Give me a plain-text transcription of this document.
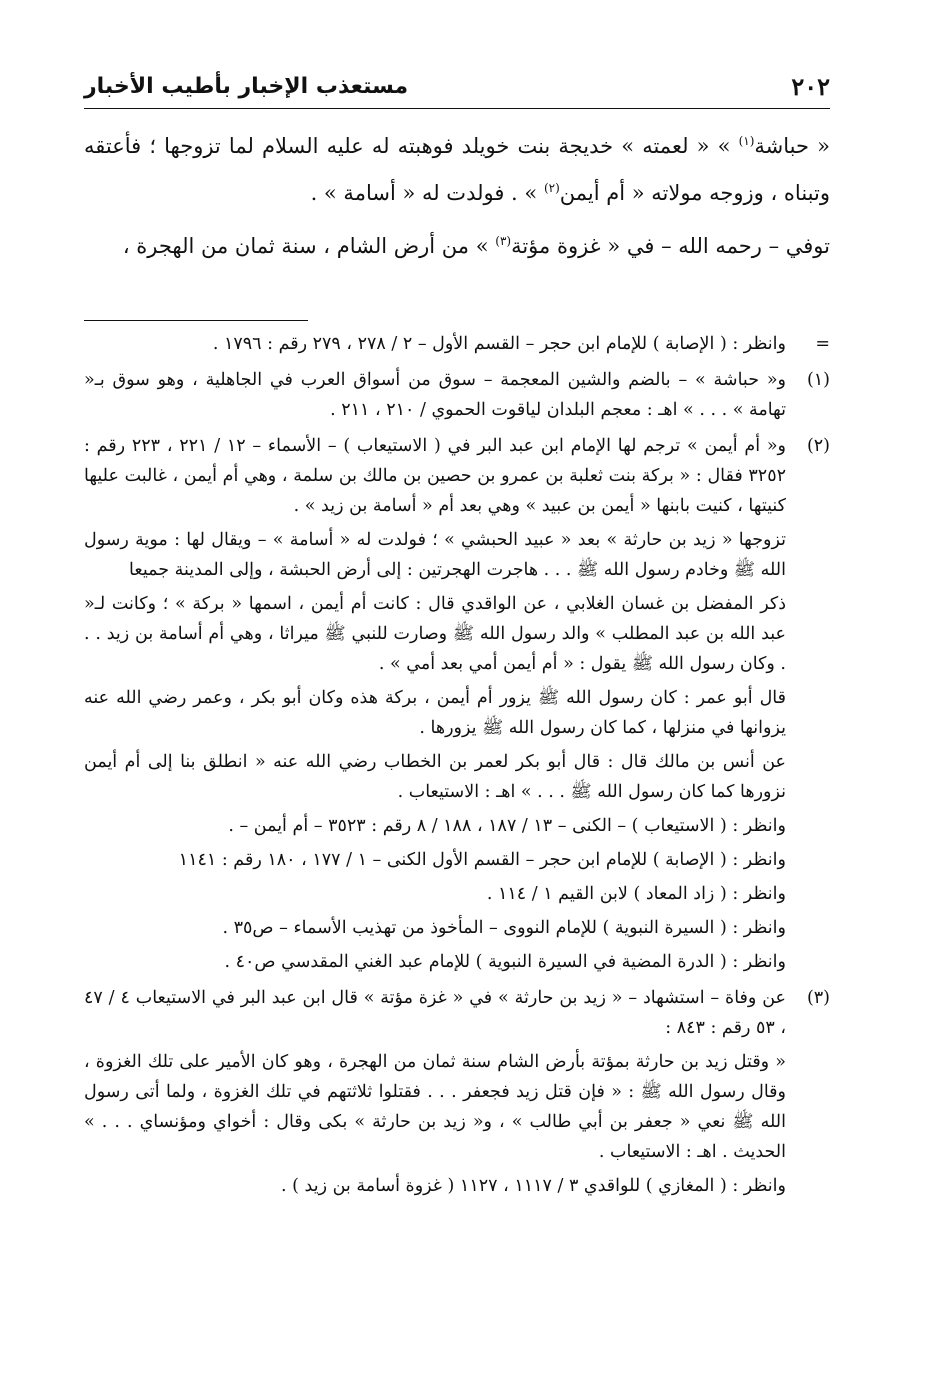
٢٠٢
مستعذب الإخبار بأطيب الأخبار

« حباشة$^{(١)}$ » « لعمته » خديجة بنت خويلد فوهبته له عليه السلام لما تزوجها ؛ فأعتقه وتبناه ، وزوجه مولاته « أم أيمن$^{(٢)}$ » . فولدت له « أسامة » .

توفي – رحمه الله – في « غزوة مؤتة$^{(٣)}$ » من أرض الشام ، سنة ثمان من الهجرة ،

=

وانظر : ( الإصابة ) للإمام ابن حجر – القسم الأول – ٢ / ٢٧٨ ، ٢٧٩ رقم : ١٧٩٦ .

(١)

و« حباشة » – بالضم والشين المعجمة – سوق من أسواق العرب في الجاهلية ، وهو سوق بـ« تهامة » . . . » اهـ : معجم البلدان لياقوت الحموي / ٢١٠ ، ٢١١ .

(٢)

و« أم أيمن » ترجم لها الإمام ابن عبد البر في ( الاستيعاب ) – الأسماء – ١٢ / ٢٢١ ، ٢٢٣ رقم : ٣٢٥٢ فقال : « بركة بنت ثعلبة بن عمرو بن حصين بن مالك بن سلمة ، وهي أم أيمن ، غالبت عليها كنيتها ، كنيت بابنها « أيمن بن عبيد » وهي بعد أم « أسامة بن زيد » .

تزوجها « زيد بن حارثة » بعد « عبيد الحبشي » ؛ فولدت له « أسامة » – ويقال لها : موية رسول الله ﷺ وخادم رسول الله ﷺ . . . هاجرت الهجرتين : إلى أرض الحبشة ، وإلى المدينة جميعا

ذكر المفضل بن غسان الغلابي ، عن الواقدي قال : كانت أم أيمن ، اسمها « بركة » ؛ وكانت لـ« عبد الله بن عبد المطلب » والد رسول الله ﷺ وصارت للنبي ﷺ ميراثا ، وهي أم أسامة بن زيد . . . وكان رسول الله ﷺ يقول : « أم أيمن أمي بعد أمي » .

قال أبو عمر : كان رسول الله ﷺ يزور أم أيمن ، بركة هذه وكان أبو بكر ، وعمر رضي الله عنه يزوانها في منزلها ، كما كان رسول الله ﷺ يزورها .

عن أنس بن مالك قال : قال أبو بكر لعمر بن الخطاب رضي الله عنه « انطلق بنا إلى أم أيمن نزورها كما كان رسول الله ﷺ . . . » اهـ : الاستيعاب .

وانظر : ( الاستيعاب ) – الكنى – ١٣ / ١٨٧ ، ١٨٨ / ٨ رقم : ٣٥٢٣ – أم أيمن – .

وانظر : ( الإصابة ) للإمام ابن حجر – القسم الأول الكنى – ١ / ١٧٧ ، ١٨٠ رقم : ١١٤١

وانظر : ( زاد المعاد ) لابن القيم ١ / ١١٤ .

وانظر : ( السيرة النبوية ) للإمام النووى – المأخوذ من تهذيب الأسماء – ص٣٥ .

وانظر : ( الدرة المضية في السيرة النبوية ) للإمام عبد الغني المقدسي ص٤٠ .

(٣)

عن وفاة – استشهاد – « زيد بن حارثة » في « غزة مؤتة » قال ابن عبد البر في الاستيعاب ٤ / ٤٧ ، ٥٣ رقم : ٨٤٣ :

« وقتل زيد بن حارثة بمؤتة بأرض الشام سنة ثمان من الهجرة ، وهو كان الأمير على تلك الغزوة ، وقال رسول الله ﷺ : « فإن قتل زيد فجعفر . . . فقتلوا ثلاثتهم في تلك الغزوة ، ولما أتى رسول الله ﷺ نعي « جعفر بن أبي طالب » ، و« زيد بن حارثة » بكى وقال : أخواي ومؤنساي . . . » الحديث . اهـ : الاستيعاب .

وانظر : ( المغازي ) للواقدي ٣ / ١١١٧ ، ١١٢٧ ( غزوة أسامة بن زيد ) .
